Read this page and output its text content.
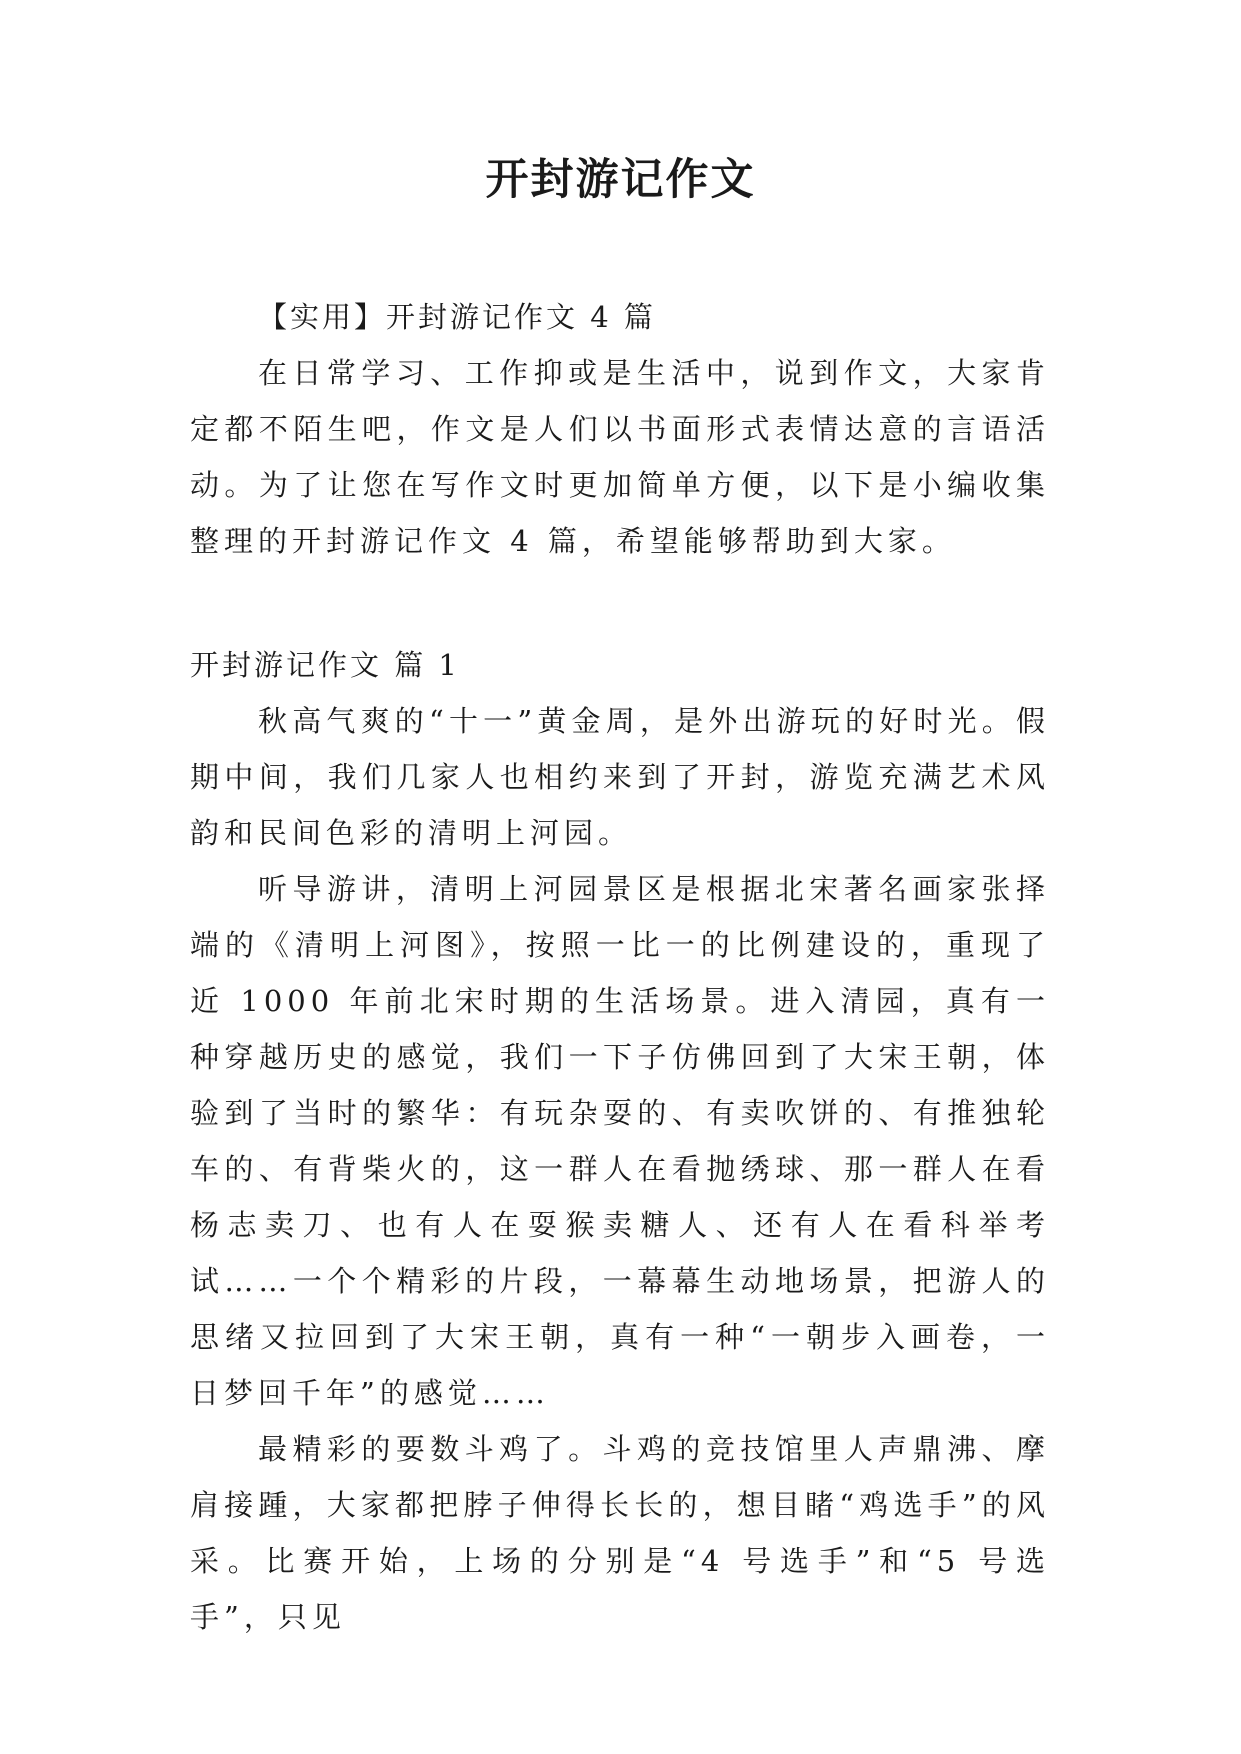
开封游记作文
【实用】开封游记作文 4 篇

在日常学习、工作抑或是生活中，说到作文，大家肯定都不陌生吧，作文是人们以书面形式表情达意的言语活动。为了让您在写作文时更加简单方便，以下是小编收集整理的开封游记作文 4 篇，希望能够帮助到大家。

开封游记作文 篇 1

秋高气爽的“十一”黄金周，是外出游玩的好时光。假期中间，我们几家人也相约来到了开封，游览充满艺术风韵和民间色彩的清明上河园。

听导游讲，清明上河园景区是根据北宋著名画家张择端的《清明上河图》，按照一比一的比例建设的，重现了近 1000 年前北宋时期的生活场景。进入清园，真有一种穿越历史的感觉，我们一下子仿佛回到了大宋王朝，体验到了当时的繁华：有玩杂耍的、有卖吹饼的、有推独轮车的、有背柴火的，这一群人在看抛绣球、那一群人在看杨志卖刀、也有人在耍猴卖糖人、还有人在看科举考试……一个个精彩的片段，一幕幕生动地场景，把游人的思绪又拉回到了大宋王朝，真有一种“一朝步入画卷，一日梦回千年”的感觉……

最精彩的要数斗鸡了。斗鸡的竞技馆里人声鼎沸、摩肩接踵，大家都把脖子伸得长长的，想目睹“鸡选手”的风采。比赛开始，上场的分别是“4 号选手”和“5 号选手”，只见
